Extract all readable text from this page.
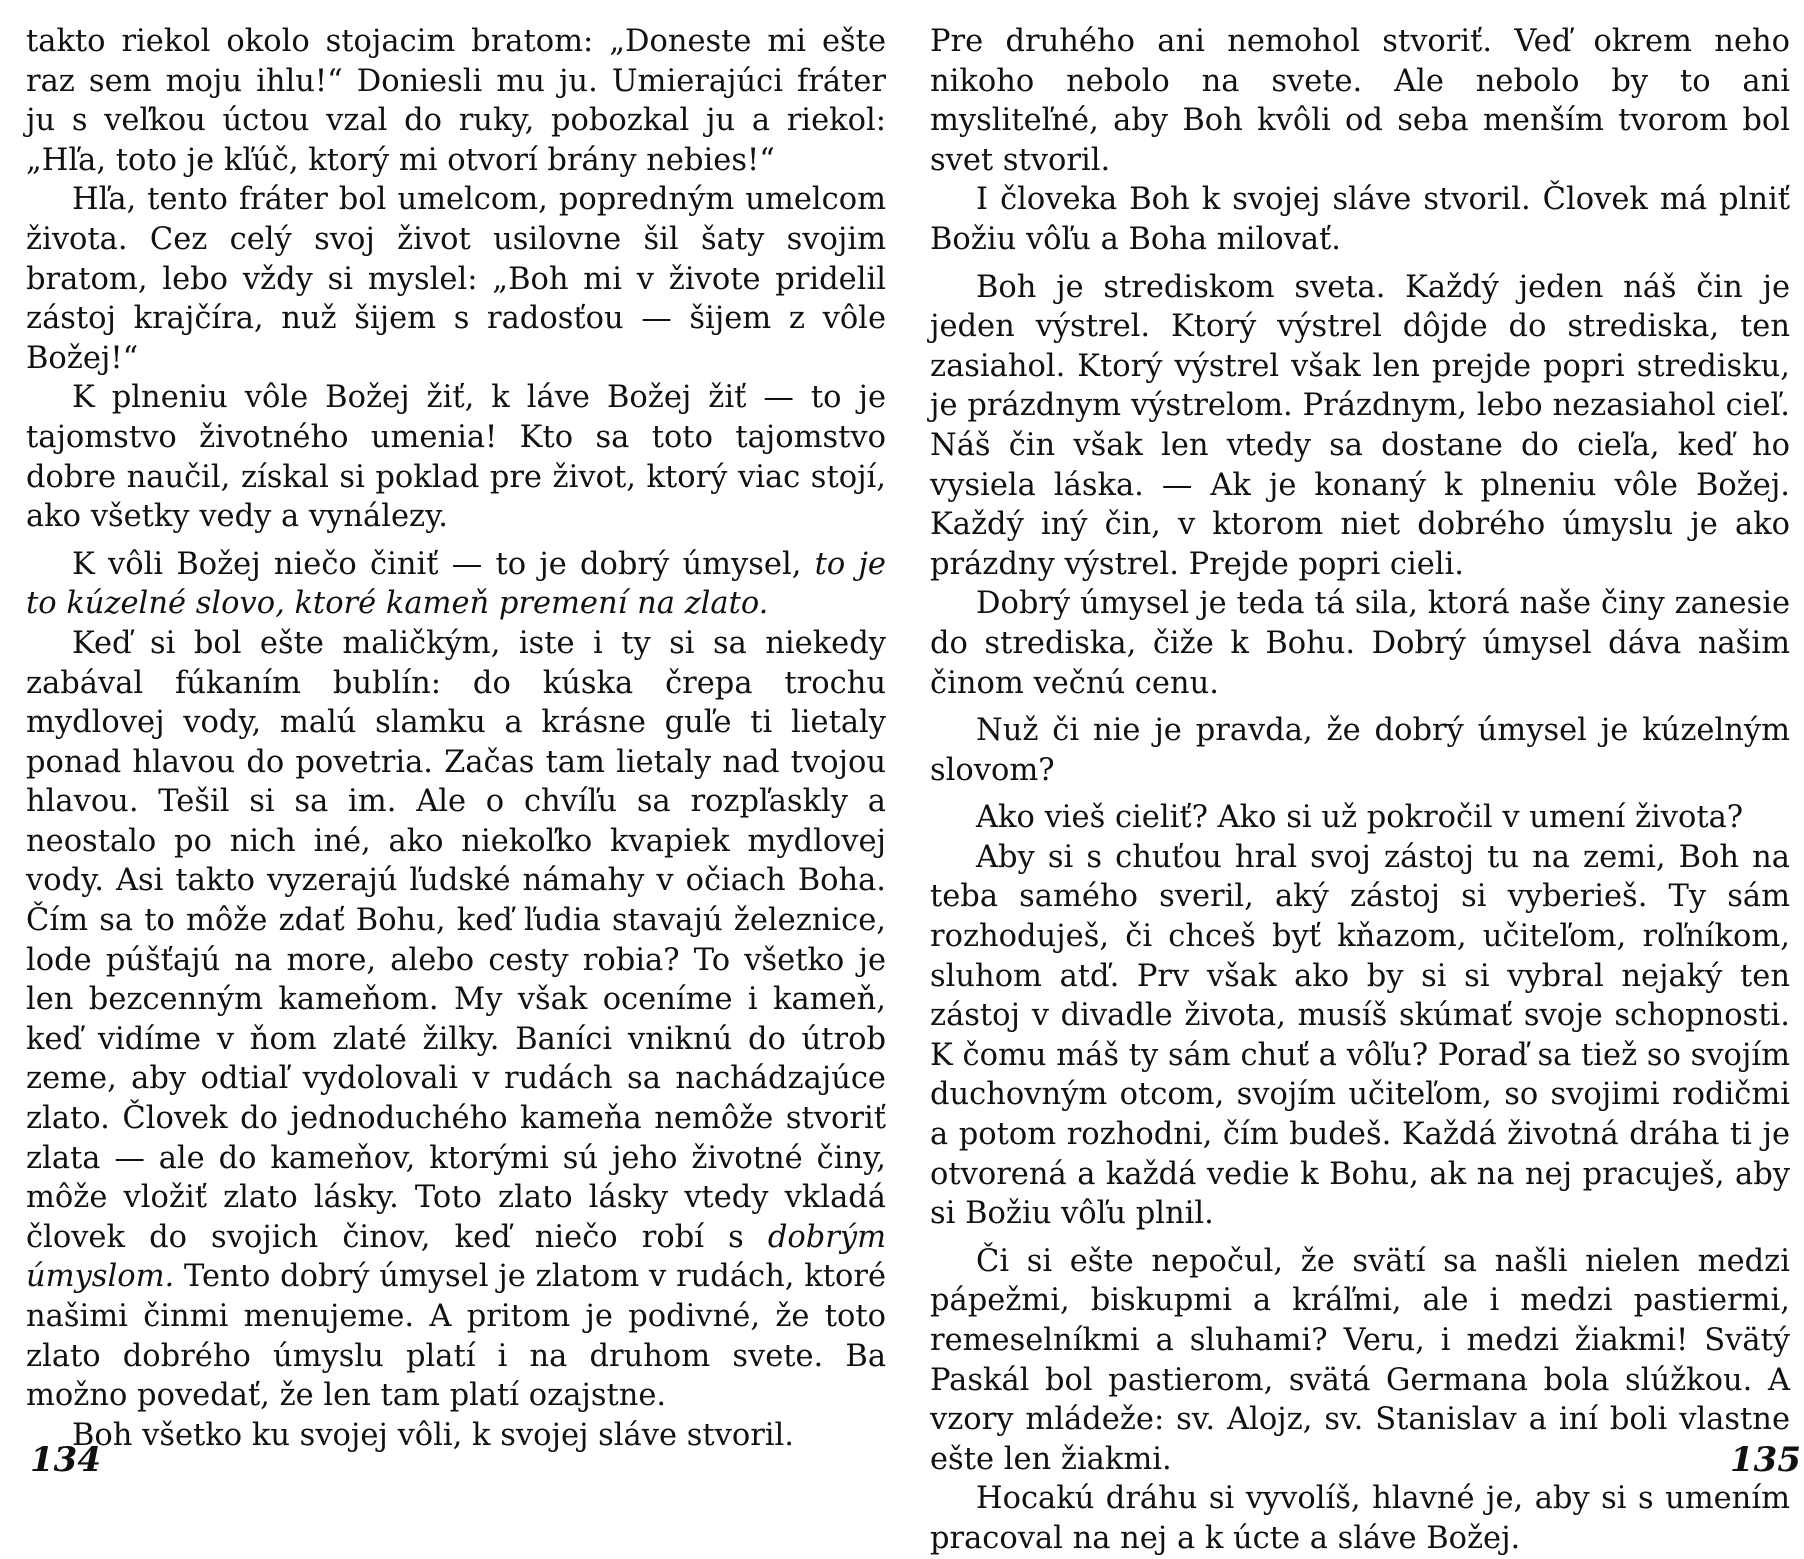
takto riekol okolo stojacim bratom: „Doneste mi ešte raz sem moju ihlu!“ Doniesli mu ju. Umierajúci fráter ju s veľkou úctou vzal do ruky, pobozkal ju a riekol: „Hľa, toto je kľúč, ktorý mi otvorí brány nebies!“

Hľa, tento fráter bol umelcom, popredným umelcom života. Cez celý svoj život usilovne šil šaty svojim bratom, lebo vždy si myslel: „Boh mi v živote pridelil zástoj krajčíra, nuž šijem s radosťou — šijem z vôle Božej!“

K plneniu vôle Božej žiť, k láve Božej žiť — to je tajomstvo životného umenia! Kto sa toto tajomstvo dobre naučil, získal si poklad pre život, ktorý viac stojí, ako všetky vedy a vynálezy.

K vôli Božej niečo činiť — to je dobrý úmysel, to je to kúzelné slovo, ktoré kameň premení na zlato.

Keď si bol ešte maličkým, iste i ty si sa niekedy zabával fúkaním bublín: do kúska črepa trochu mydlovej vody, malú slamku a krásne guľe ti lietaly ponad hlavou do povetria. Začas tam lietaly nad tvojou hlavou. Tešil si sa im. Ale o chvíľu sa rozpľaskly a neostalo po nich iné, ako niekoľko kvapiek mydlovej vody. Asi takto vyzerajú ľudské námahy v očiach Boha. Čím sa to môže zdať Bohu, keď ľudia stavajú železnice, lode púšťajú na more, alebo cesty robia? To všetko je len bezcenným kameňom. My však oceníme i kameň, keď vidíme v ňom zlaté žilky. Baníci vniknú do útrob zeme, aby odtiaľ vydolovali v rudách sa nachádzajúce zlato. Človek do jednoduchého kameňa nemôže stvoriť zlata — ale do kameňov, ktorými sú jeho životné činy, môže vložiť zlato lásky. Toto zlato lásky vtedy vkladá človek do svojich činov, keď niečo robí s dobrým úmyslom. Tento dobrý úmysel je zlatom v rudách, ktoré našimi činmi menujeme. A pritom je podivné, že toto zlato dobrého úmyslu platí i na druhom svete. Ba možno povedať, že len tam platí ozajstne.

Boh všetko ku svojej vôli, k svojej sláve stvoril.

Pre druhého ani nemohol stvoriť. Veď okrem neho nikoho nebolo na svete. Ale nebolo by to ani mysliteľné, aby Boh kvôli od seba menším tvorom bol svet stvoril.

I človeka Boh k svojej sláve stvoril. Človek má plniť Božiu vôľu a Boha milovať.

Boh je strediskom sveta. Každý jeden náš čin je jeden výstrel. Ktorý výstrel dôjde do strediska, ten zasiahol. Ktorý výstrel však len prejde popri stredisku, je prázdnym výstrelom. Prázdnym, lebo nezasiahol cieľ. Náš čin však len vtedy sa dostane do cieľa, keď ho vysiela láska. — Ak je konaný k plneniu vôle Božej. Každý iný čin, v ktorom niet dobrého úmyslu je ako prázdny výstrel. Prejde popri cieli.

Dobrý úmysel je teda tá sila, ktorá naše činy zanesie do strediska, čiže k Bohu. Dobrý úmysel dáva našim činom večnú cenu.

Nuž či nie je pravda, že dobrý úmysel je kúzelným slovom?

Ako vieš cieliť? Ako si už pokročil v umení života?

Aby si s chuťou hral svoj zástoj tu na zemi, Boh na teba samého sveril, aký zástoj si vyberieš. Ty sám rozhoduješ, či chceš byť kňazom, učiteľom, roľníkom, sluhom atď. Prv však ako by si si vybral nejaký ten zástoj v divadle života, musíš skúmať svoje schopnosti. K čomu máš ty sám chuť a vôľu? Poraď sa tiež so svojím duchovným otcom, svojím učiteľom, so svojimi rodičmi a potom rozhodni, čím budeš. Každá životná dráha ti je otvorená a každá vedie k Bohu, ak na nej pracuješ, aby si Božiu vôľu plnil.

Či si ešte nepočul, že svätí sa našli nielen medzi pápežmi, biskupmi a kráľmi, ale i medzi pastiermi, remeselníkmi a sluhami? Veru, i medzi žiakmi! Svätý Paskál bol pastierom, svätá Germana bola slúžkou. A vzory mládeže: sv. Alojz, sv. Stanislav a iní boli vlastne ešte len žiakmi.

Hocakú dráhu si vyvolíš, hlavné je, aby si s umením pracoval na nej a k úcte a sláve Božej.

134	135
